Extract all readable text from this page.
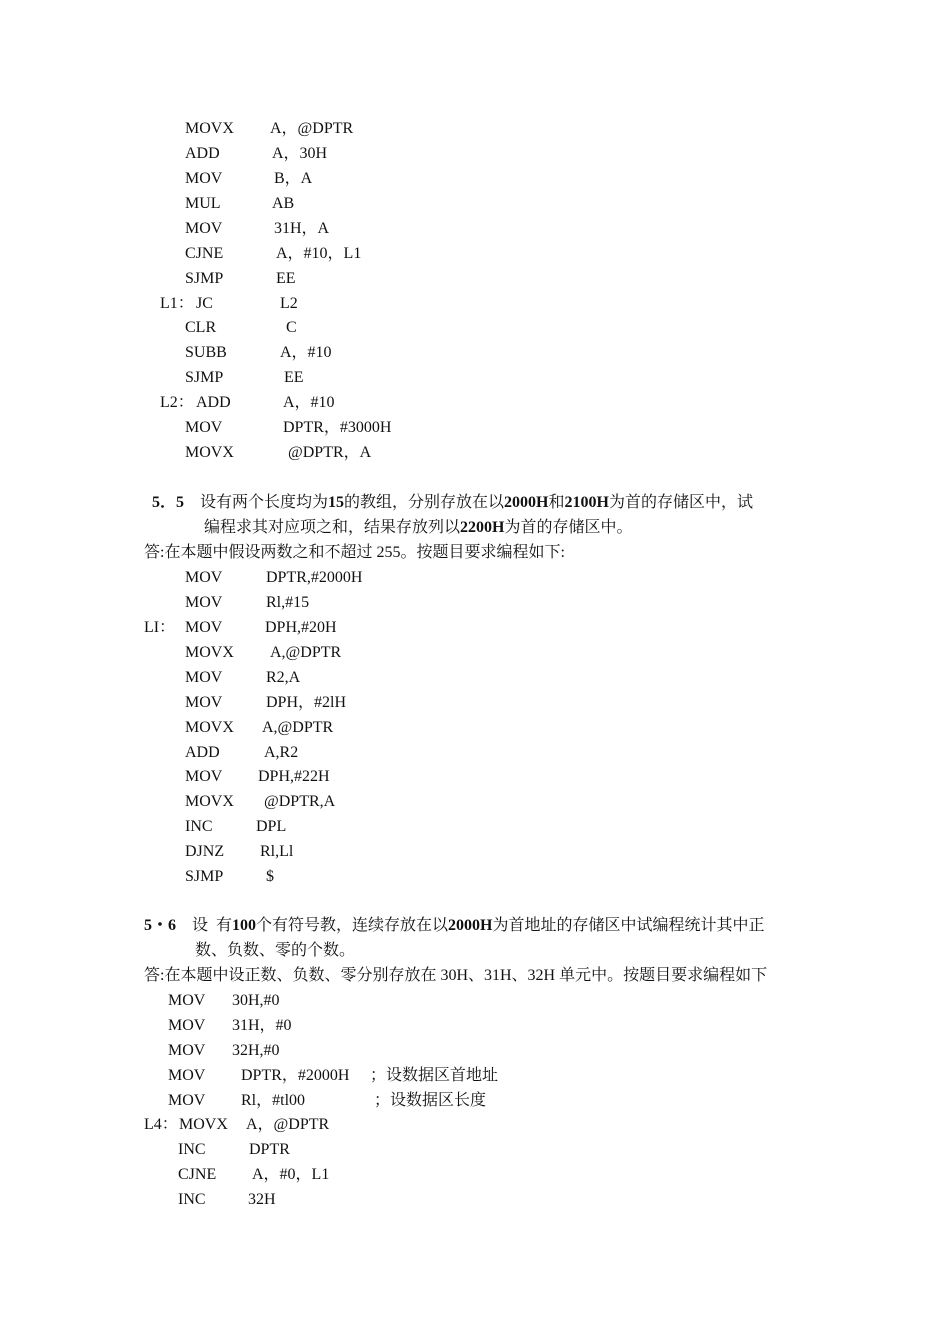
MOVX A，@DPTR
ADD	A，30H
MOV	B，A
MUL	AB
MOV	31H，A
CJNE	A，#10，L1
SJMP	EE
L1： JC	L2
CLR	C
SUBB	A，#10
SJMP	EE
L2： ADD	A，#10
MOV	DPTR，#3000H
MOVX	@DPTR，A
5．5 设有两个长度均为15的教组，分别存放在以2000H和2100H为首的存储区中，试
编程求其对应项之和，结果存放列以2200H为首的存储区中。
答:在本题中假设两数之和不超过 255。按题目要求编程如下:
MOV	DPTR,#2000H
MOV	Rl,#15
LI： MOV	DPH,#20H
MOVX A,@DPTR
MOV	R2,A
MOV	DPH，#2lH
MOVX A,@DPTR
ADD	A,R2
MOV DPH,#22H
MOVX @DPTR,A
INC	DPL
DJNZ Rl,Ll
SJMP	$
5・6 设  有100个有符号教，连续存放在以2000H为首地址的存储区中试编程统计其中正
数、负数、零的个数。
答:在本题中设正数、负数、零分别存放在 30H、31H、32H 单元中。按题目要求编程如下
MOV 30H,#0
MOV 31H，#0
MOV 32H,#0
MOV DPTR，#2000H ；设数据区首地址
MOV Rl，#tl00	；设数据区长度
L4： MOVX A，@DPTR
INC	DPTR
CJNE A，#0，L1
INC	32H
